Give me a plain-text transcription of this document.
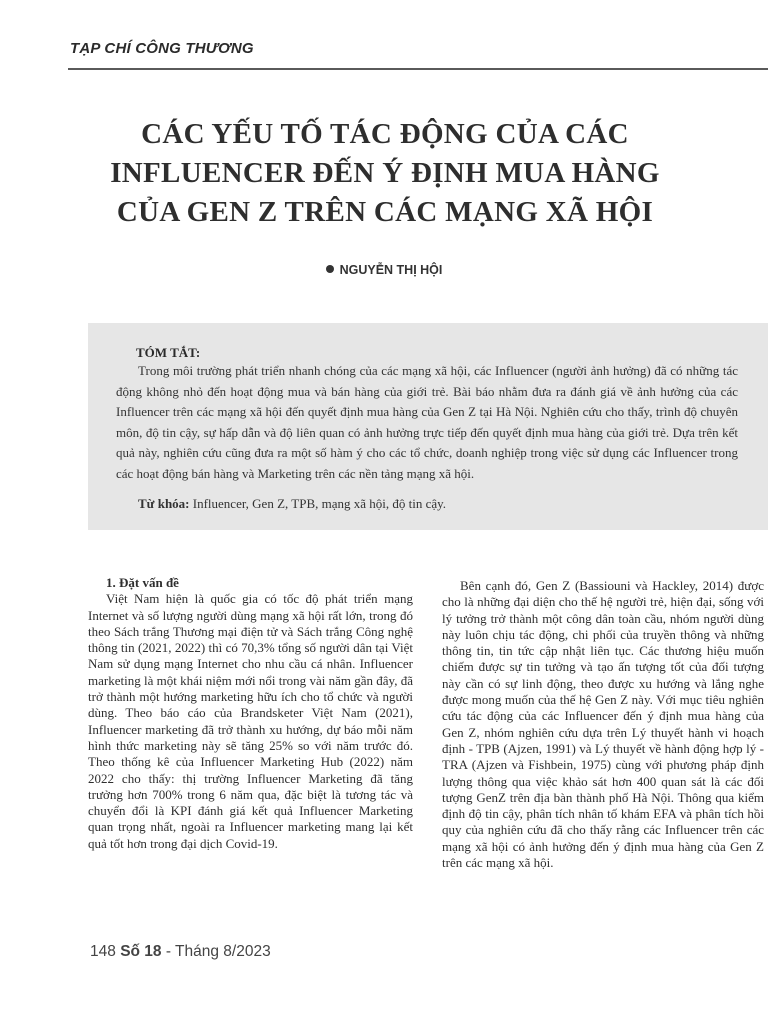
TẠP CHÍ CÔNG THƯƠNG
CÁC YẾU TỐ TÁC ĐỘNG CỦA CÁC
INFLUENCER ĐẾN Ý ĐỊNH MUA HÀNG
CỦA GEN Z TRÊN CÁC MẠNG XÃ HỘI
NGUYỄN THỊ HỘI
TÓM TẮT:
Trong môi trường phát triển nhanh chóng của các mạng xã hội, các Influencer (người ảnh hưởng) đã có những tác động không nhỏ đến hoạt động mua và bán hàng của giới trẻ. Bài báo nhằm đưa ra đánh giá về ảnh hưởng của các Influencer trên các mạng xã hội đến quyết định mua hàng của Gen Z tại Hà Nội. Nghiên cứu cho thấy, trình độ chuyên môn, độ tin cậy, sự hấp dẫn và độ liên quan có ảnh hưởng trực tiếp đến quyết định mua hàng của giới trẻ. Dựa trên kết quả này, nghiên cứu cũng đưa ra một số hàm ý cho các tổ chức, doanh nghiệp trong việc sử dụng các Influencer trong các hoạt động bán hàng và Marketing trên các nền tảng mạng xã hội.
Từ khóa: Influencer, Gen Z, TPB, mạng xã hội, độ tin cậy.
1. Đặt vấn đề

Việt Nam hiện là quốc gia có tốc độ phát triển mạng Internet và số lượng người dùng mạng xã hội rất lớn, trong đó theo Sách trắng Thương mại điện tử và Sách trắng Công nghệ thông tin (2021, 2022) thì có 70,3% tổng số người dân tại Việt Nam sử dụng mạng Internet cho nhu cầu cá nhân. Influencer marketing là một khái niệm mới nổi trong vài năm gần đây, đã trở thành một hướng marketing hữu ích cho tổ chức và người dùng. Theo báo cáo của Brandsketer Việt Nam (2021), Influencer marketing đã trở thành xu hướng, dự báo mỗi năm hình thức marketing này sẽ tăng 25% so với năm trước đó. Theo thống kê của Influencer Marketing Hub (2022) năm 2022 cho thấy: thị trường Influencer Marketing đã tăng trưởng hơn 700% trong 6 năm qua, đặc biệt là tương tác và chuyển đổi là KPI đánh giá kết quả Influencer Marketing quan trọng nhất, ngoài ra Influencer marketing mang lại kết quả tốt hơn trong đại dịch Covid-19.

Bên cạnh đó, Gen Z (Bassiouni và Hackley, 2014) được cho là những đại diện cho thế hệ người trẻ, hiện đại, sống với lý tưởng trở thành một công dân toàn cầu, nhóm người dùng này luôn chịu tác động, chi phối của truyền thông và những thông tin, tin tức cập nhật liên tục. Các thương hiệu muốn chiếm được sự tin tưởng và tạo ấn tượng tốt của đối tượng này cần có sự linh động, theo được xu hướng và lắng nghe được mong muốn của thế hệ Gen Z này. Với mục tiêu nghiên cứu tác động của các Influencer đến ý định mua hàng của Gen Z, nhóm nghiên cứu dựa trên Lý thuyết hành vi hoạch định - TPB (Ajzen, 1991) và Lý thuyết về hành động hợp lý - TRA (Ajzen và Fishbein, 1975) cùng với phương pháp định lượng thông qua việc khảo sát hơn 400 quan sát là các đối tượng GenZ trên địa bàn thành phố Hà Nội. Thông qua kiểm định độ tin cậy, phân tích nhân tố khám EFA và phân tích hồi quy của nghiên cứu đã cho thấy rằng các Influencer trên các mạng xã hội có ảnh hưởng đến ý định mua hàng của Gen Z trên các mạng xã hội.

148 Số 18 - Tháng 8/2023
